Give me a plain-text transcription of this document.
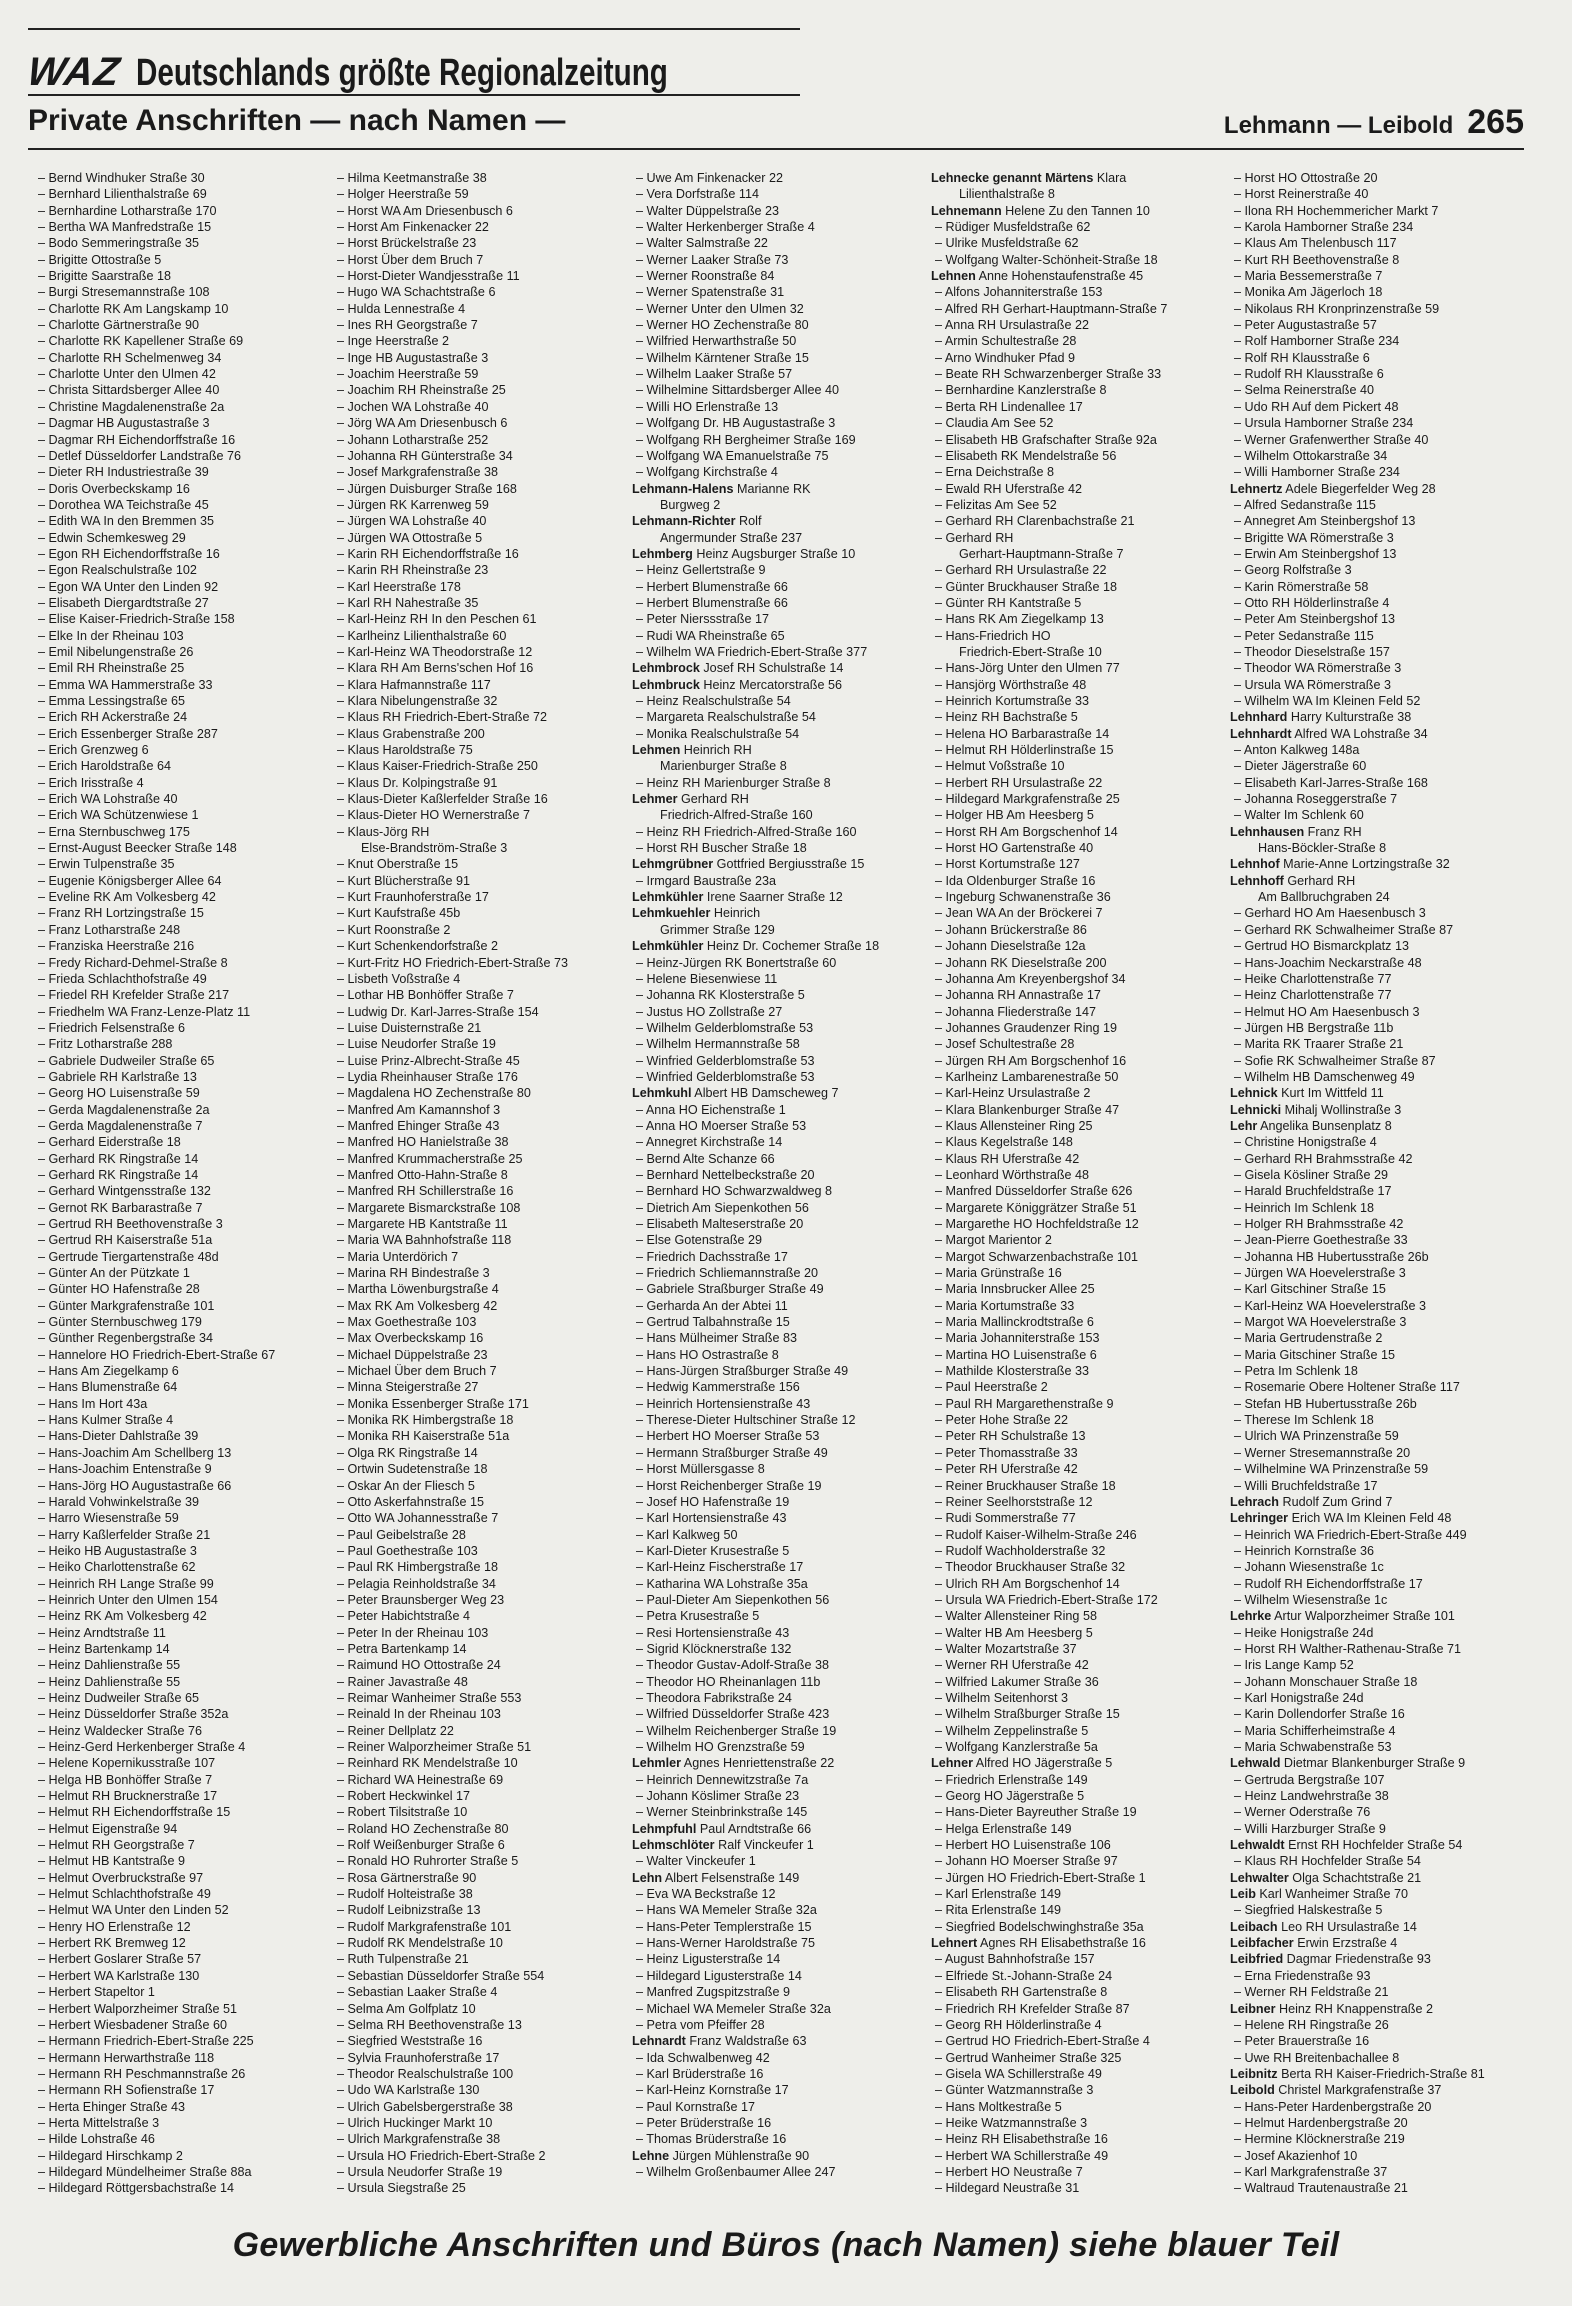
WAZ Deutschlands größte Regionalzeitung
Private Anschriften — nach Namen —	Lehmann — Leibold 265
– Bernd Windhuker Straße 30
– Bernhard Lilienthalstraße 69
– Bernhardine Lotharstraße 170
– Bertha WA Manfredstraße 15
– Bodo Semmeringstraße 35
– Brigitte Ottostraße 5
– Brigitte Saarstraße 18
– Burgi Stresemannstraße 108
– Charlotte RK Am Langskamp 10
– Charlotte Gärtnerstraße 90
– Charlotte RK Kapellener Straße 69
– Charlotte RH Schelmenweg 34
– Charlotte Unter den Ulmen 42
– Christa Sittardsberger Allee 40
– Christine Magdalenenstraße 2a
– Dagmar HB Augustastraße 3
– Dagmar RH Eichendorffstraße 16
– Detlef Düsseldorfer Landstraße 76
– Dieter RH Industriestraße 39
– Doris Overbeckskamp 16
– Dorothea WA Teichstraße 45
– Edith WA In den Bremmen 35
– Edwin Schemkesweg 29
– Egon RH Eichendorffstraße 16
– Egon Realschulstraße 102
– Egon WA Unter den Linden 92
– Elisabeth Diergardtstraße 27
– Elise Kaiser-Friedrich-Straße 158
– Elke In der Rheinau 103
– Emil Nibelungenstraße 26
– Emil RH Rheinstraße 25
– Emma WA Hammerstraße 33
– Emma Lessingstraße 65
– Erich RH Ackerstraße 24
– Erich Essenberger Straße 287
– Erich Grenzweg 6
– Erich Haroldstraße 64
– Erich Irisstraße 4
– Erich WA Lohstraße 40
– Erich WA Schützenwiese 1
– Erna Sternbuschweg 175
– Ernst-August Beecker Straße 148
– Erwin Tulpenstraße 35
– Eugenie Königsberger Allee 64
– Eveline RK Am Volkesberg 42
– Franz RH Lortzingstraße 15
– Franz Lotharstraße 248
– Franziska Heerstraße 216
– Fredy Richard-Dehmel-Straße 8
– Frieda Schlachthofstraße 49
– Friedel RH Krefelder Straße 217
– Friedhelm WA Franz-Lenze-Platz 11
– Friedrich Felsenstraße 6
– Fritz Lotharstraße 288
– Gabriele Dudweiler Straße 65
– Gabriele RH Karlstraße 13
– Georg HO Luisenstraße 59
– Gerda Magdalenenstraße 2a
– Gerda Magdalenenstraße 7
– Gerhard Eiderstraße 18
– Gerhard RK Ringstraße 14
– Gerhard RK Ringstraße 14
– Gerhard Wintgensstraße 132
– Gernot RK Barbarastraße 7
– Gertrud RH Beethovenstraße 3
– Gertrud RH Kaiserstraße 51a
– Gertrude Tiergartenstraße 48d
– Günter An der Pützkate 1
– Günter HO Hafenstraße 28
– Günter Markgrafenstraße 101
– Günter Sternbuschweg 179
– Günther Regenbergstraße 34
– Hannelore HO Friedrich-Ebert-Straße 67
– Hans Am Ziegelkamp 6
– Hans Blumenstraße 64
– Hans Im Hort 43a
– Hans Kulmer Straße 4
– Hans-Dieter Dahlstraße 39
– Hans-Joachim Am Schellberg 13
– Hans-Joachim Entenstraße 9
– Hans-Jörg HO Augustastraße 66
– Harald Vohwinkelstraße 39
– Harro Wiesenstraße 59
– Harry Kaßlerfelder Straße 21
– Heiko HB Augustastraße 3
– Heiko Charlottenstraße 62
– Heinrich RH Lange Straße 99
– Heinrich Unter den Ulmen 154
– Heinz RK Am Volkesberg 42
– Heinz Arndtstraße 11
– Heinz Bartenkamp 14
– Heinz Dahlienstraße 55
– Heinz Dahlienstraße 55
– Heinz Dudweiler Straße 65
– Heinz Düsseldorfer Straße 352a
– Heinz Waldecker Straße 76
– Heinz-Gerd Herkenberger Straße 4
– Helene Kopernikusstraße 107
– Helga HB Bonhöffer Straße 7
– Helmut RH Brucknerstraße 17
– Helmut RH Eichendorffstraße 15
– Helmut Eigenstraße 94
– Helmut RH Georgstraße 7
– Helmut HB Kantstraße 9
– Helmut Overbruckstraße 97
– Helmut Schlachthofstraße 49
– Helmut WA Unter den Linden 52
– Henry HO Erlenstraße 12
– Herbert RK Bremweg 12
– Herbert Goslarer Straße 57
– Herbert WA Karlstraße 130
– Herbert Stapeltor 1
– Herbert Walporzheimer Straße 51
– Herbert Wiesbadener Straße 60
– Hermann Friedrich-Ebert-Straße 225
– Hermann Herwarthstraße 118
– Hermann RH Peschmannstraße 26
– Hermann RH Sofienstraße 17
– Herta Ehinger Straße 43
– Herta Mittelstraße 3
– Hilde Lohstraße 46
– Hildegard Hirschkamp 2
– Hildegard Mündelheimer Straße 88a
– Hildegard Röttgersbachstraße 14
– Hilma Keetmanstraße 38
– Holger Heerstraße 59
– Horst WA Am Driesenbusch 6
– Horst Am Finkenacker 22
– Horst Brückelstraße 23
– Horst Über dem Bruch 7
– Horst-Dieter Wandjesstraße 11
– Hugo WA Schachtstraße 6
– Hulda Lennestraße 4
– Ines RH Georgstraße 7
– Inge Heerstraße 2
– Inge HB Augustastraße 3
– Joachim Heerstraße 59
– Joachim RH Rheinstraße 25
– Jochen WA Lohstraße 40
– Jörg WA Am Driesenbusch 6
– Johann Lotharstraße 252
– Johanna RH Günterstraße 34
– Josef Markgrafenstraße 38
– Jürgen Duisburger Straße 168
– Jürgen RK Karrenweg 59
– Jürgen WA Lohstraße 40
– Jürgen WA Ottostraße 5
– Karin RH Eichendorffstraße 16
– Karin RH Rheinstraße 23
– Karl Heerstraße 178
– Karl RH Nahestraße 35
– Karl-Heinz RH In den Peschen 61
– Karlheinz Lilienthalstraße 60
– Karl-Heinz WA Theodorstraße 12
– Klara RH Am Berns'schen Hof 16
– Klara Hafmannstraße 117
– Klara Nibelungenstraße 32
– Klaus RH Friedrich-Ebert-Straße 72
– Klaus Grabenstraße 200
– Klaus Haroldstraße 75
– Klaus Kaiser-Friedrich-Straße 250
– Klaus Dr. Kolpingstraße 91
– Klaus-Dieter Kaßlerfelder Straße 16
– Klaus-Dieter HO Wernerstraße 7
– Klaus-Jörg RH
Else-Brandström-Straße 3
– Knut Oberstraße 15
– Kurt Blücherstraße 91
– Kurt Fraunhoferstraße 17
– Kurt Kaufstraße 45b
– Kurt Roonstraße 2
– Kurt Schenkendorfstraße 2
– Kurt-Fritz HO Friedrich-Ebert-Straße 73
– Lisbeth Voßstraße 4
– Lothar HB Bonhöffer Straße 7
– Ludwig Dr. Karl-Jarres-Straße 154
– Luise Duisternstraße 21
– Luise Neudorfer Straße 19
– Luise Prinz-Albrecht-Straße 45
– Lydia Rheinhauser Straße 176
– Magdalena HO Zechenstraße 80
– Manfred Am Kamannshof 3
– Manfred Ehinger Straße 43
– Manfred HO Hanielstraße 38
– Manfred Krummacherstraße 25
– Manfred Otto-Hahn-Straße 8
– Manfred RH Schillerstraße 16
– Margarete Bismarckstraße 108
– Margarete HB Kantstraße 11
– Maria WA Bahnhofstraße 118
– Maria Unterdörich 7
– Marina RH Bindestraße 3
– Martha Löwenburgstraße 4
– Max RK Am Volkesberg 42
– Max Goethestraße 103
– Max Overbeckskamp 16
– Michael Düppelstraße 23
– Michael Über dem Bruch 7
– Minna Steigerstraße 27
– Monika Essenberger Straße 171
– Monika RK Himbergstraße 18
– Monika RH Kaiserstraße 51a
– Olga RK Ringstraße 14
– Ortwin Sudetenstraße 18
– Oskar An der Fliesch 5
– Otto Askerfahnstraße 15
– Otto WA Johannesstraße 7
– Paul Geibelstraße 28
– Paul Goethestraße 103
– Paul RK Himbergstraße 18
– Pelagia Reinholdstraße 34
– Peter Braunsberger Weg 23
– Peter Habichtstraße 4
– Peter In der Rheinau 103
– Petra Bartenkamp 14
– Raimund HO Ottostraße 24
– Rainer Javastraße 48
– Reimar Wanheimer Straße 553
– Reinald In der Rheinau 103
– Reiner Dellplatz 22
– Reiner Walporzheimer Straße 51
– Reinhard RK Mendelstraße 10
– Richard WA Heinestraße 69
– Robert Heckwinkel 17
– Robert Tilsitstraße 10
– Roland HO Zechenstraße 80
– Rolf Weißenburger Straße 6
– Ronald HO Ruhrorter Straße 5
– Rosa Gärtnerstraße 90
– Rudolf Holteistraße 38
– Rudolf Leibnizstraße 13
– Rudolf Markgrafenstraße 101
– Rudolf RK Mendelstraße 10
– Ruth Tulpenstraße 21
– Sebastian Düsseldorfer Straße 554
– Sebastian Laaker Straße 4
– Selma Am Golfplatz 10
– Selma RH Beethovenstraße 13
– Siegfried Weststraße 16
– Sylvia Fraunhoferstraße 17
– Theodor Realschulstraße 100
– Udo WA Karlstraße 130
– Ulrich Gabelsbergerstraße 38
– Ulrich Huckinger Markt 10
– Ulrich Markgrafenstraße 38
– Ursula HO Friedrich-Ebert-Straße 2
– Ursula Neudorfer Straße 19
– Ursula Siegstraße 25
– Uwe Am Finkenacker 22
– Vera Dorfstraße 114
– Walter Düppelstraße 23
– Walter Herkenberger Straße 4
– Walter Salmstraße 22
– Werner Laaker Straße 73
– Werner Roonstraße 84
– Werner Spatenstraße 31
– Werner Unter den Ulmen 32
– Werner HO Zechenstraße 80
– Wilfried Herwarthstraße 50
– Wilhelm Kärntener Straße 15
– Wilhelm Laaker Straße 57
– Wilhelmine Sittardsberger Allee 40
– Willi HO Erlenstraße 13
– Wolfgang Dr. HB Augustastraße 3
– Wolfgang RH Bergheimer Straße 169
– Wolfgang WA Emanuelstraße 75
– Wolfgang Kirchstraße 4
Lehmann-Halens Marianne RK
Burgweg 2
Lehmann-Richter Rolf
Angermunder Straße 237
Lehmberg Heinz Augsburger Straße 10
– Heinz Gellertstraße 9
– Herbert Blumenstraße 66
– Herbert Blumenstraße 66
– Peter Nierssstraße 17
– Rudi WA Rheinstraße 65
– Wilhelm WA Friedrich-Ebert-Straße 377
Lehmbrock Josef RH Schulstraße 14
Lehmbruck Heinz Mercatorstraße 56
– Heinz Realschulstraße 54
– Margareta Realschulstraße 54
– Monika Realschulstraße 54
Lehmen Heinrich RH
Marienburger Straße 8
– Heinz RH Marienburger Straße 8
Lehmer Gerhard RH
Friedrich-Alfred-Straße 160
– Heinz RH Friedrich-Alfred-Straße 160
– Horst RH Buscher Straße 18
Lehmgrübner Gottfried Bergiusstraße 15
– Irmgard Baustraße 23a
Lehmkühler Irene Saarner Straße 12
Lehmkuehler Heinrich
Grimmer Straße 129
Lehmkühler Heinz Dr. Cochemer Straße 18
– Heinz-Jürgen RK Bonertstraße 60
– Helene Biesenwiese 11
– Johanna RK Klosterstraße 5
– Justus HO Zollstraße 27
– Wilhelm Gelderblomstraße 53
– Wilhelm Hermannstraße 58
– Winfried Gelderblomstraße 53
– Winfried Gelderblomstraße 53
Lehmkuhl Albert HB Damscheweg 7
– Anna HO Eichenstraße 1
– Anna HO Moerser Straße 53
– Annegret Kirchstraße 14
– Bernd Alte Schanze 66
– Bernhard Nettelbeckstraße 20
– Bernhard HO Schwarzwaldweg 8
– Dietrich Am Siepenkothen 56
– Elisabeth Malteserstraße 20
– Else Gotenstraße 29
– Friedrich Dachsstraße 17
– Friedrich Schliemannstraße 20
– Gabriele Straßburger Straße 49
– Gerharda An der Abtei 11
– Gertrud Talbahnstraße 15
– Hans Mülheimer Straße 83
– Hans HO Ostrastraße 8
– Hans-Jürgen Straßburger Straße 49
– Hedwig Kammerstraße 156
– Heinrich Hortensienstraße 43
– Therese-Dieter Hultschiner Straße 12
– Herbert HO Moerser Straße 53
– Hermann Straßburger Straße 49
– Horst Müllersgasse 8
– Horst Reichenberger Straße 19
– Josef HO Hafenstraße 19
– Karl Hortensienstraße 43
– Karl Kalkweg 50
– Karl-Dieter Krusestraße 5
– Karl-Heinz Fischerstraße 17
– Katharina WA Lohstraße 35a
– Paul-Dieter Am Siepenkothen 56
– Petra Krusestraße 5
– Resi Hortensienstraße 43
– Sigrid Klöcknerstraße 132
– Theodor Gustav-Adolf-Straße 38
– Theodor HO Rheinanlagen 11b
– Theodora Fabrikstraße 24
– Wilfried Düsseldorfer Straße 423
– Wilhelm Reichenberger Straße 19
– Wilhelm HO Grenzstraße 59
Lehmler Agnes Henriettenstraße 22
– Heinrich Dennewitzstraße 7a
– Johann Köslimer Straße 23
– Werner Steinbrinkstraße 145
Lehmpfuhl Paul Arndtstraße 66
Lehmschlöter Ralf Vinckeufer 1
– Walter Vinckeufer 1
Lehn Albert Felsenstraße 149
– Eva WA Beckstraße 12
– Hans WA Memeler Straße 32a
– Hans-Peter Templerstraße 15
– Hans-Werner Haroldstraße 75
– Heinz Ligusterstraße 14
– Hildegard Ligusterstraße 14
– Manfred Zugspitzstraße 9
– Michael WA Memeler Straße 32a
– Petra vom Pfeiffer 28
Lehnardt Franz Waldstraße 63
– Ida Schwalbenweg 42
– Karl Brüderstraße 16
– Karl-Heinz Kornstraße 17
– Paul Kornstraße 17
– Peter Brüderstraße 16
– Thomas Brüderstraße 16
Lehne Jürgen Mühlenstraße 90
– Wilhelm Großenbaumer Allee 247
Lehnecke genannt Märtens Klara
Lilienthalstraße 8
Lehnemann Helene Zu den Tannen 10
– Rüdiger Musfeldstraße 62
– Ulrike Musfeldstraße 62
– Wolfgang Walter-Schönheit-Straße 18
Lehnen Anne Hohenstaufenstraße 45
– Alfons Johanniterstraße 153
– Alfred RH Gerhart-Hauptmann-Straße 7
– Anna RH Ursulastraße 22
– Armin Schultestraße 28
– Arno Windhuker Pfad 9
– Beate RH Schwarzenberger Straße 33
– Bernhardine Kanzlerstraße 8
– Berta RH Lindenallee 17
– Claudia Am See 52
– Elisabeth HB Grafschafter Straße 92a
– Elisabeth RK Mendelstraße 56
– Erna Deichstraße 8
– Ewald RH Uferstraße 42
– Felizitas Am See 52
– Gerhard RH Clarenbachstraße 21
– Gerhard RH
Gerhart-Hauptmann-Straße 7
– Gerhard RH Ursulastraße 22
– Günter Bruckhauser Straße 18
– Günter RH Kantstraße 5
– Hans RK Am Ziegelkamp 13
– Hans-Friedrich HO
Friedrich-Ebert-Straße 10
– Hans-Jörg Unter den Ulmen 77
– Hansjörg Wörthstraße 48
– Heinrich Kortumstraße 33
– Heinz RH Bachstraße 5
– Helena HO Barbarastraße 14
– Helmut RH Hölderlinstraße 15
– Helmut Voßstraße 10
– Herbert RH Ursulastraße 22
– Hildegard Markgrafenstraße 25
– Holger HB Am Heesberg 5
– Horst RH Am Borgschenhof 14
– Horst HO Gartenstraße 40
– Horst Kortumstraße 127
– Ida Oldenburger Straße 16
– Ingeburg Schwanenstraße 36
– Jean WA An der Bröckerei 7
– Johann Brückerstraße 86
– Johann Dieselstraße 12a
– Johann RK Dieselstraße 200
– Johanna Am Kreyenbergshof 34
– Johanna RH Annastraße 17
– Johanna Fliederstraße 147
– Johannes Graudenzer Ring 19
– Josef Schultestraße 28
– Jürgen RH Am Borgschenhof 16
– Karlheinz Lambarenestraße 50
– Karl-Heinz Ursulastraße 2
– Klara Blankenburger Straße 47
– Klaus Allensteiner Ring 25
– Klaus Kegelstraße 148
– Klaus RH Uferstraße 42
– Leonhard Wörthstraße 48
– Manfred Düsseldorfer Straße 626
– Margarete Königgrätzer Straße 51
– Margarethe HO Hochfeldstraße 12
– Margot Marientor 2
– Margot Schwarzenbachstraße 101
– Maria Grünstraße 16
– Maria Innsbrucker Allee 25
– Maria Kortumstraße 33
– Maria Mallinckrodtstraße 6
– Maria Johanniterstraße 153
– Martina HO Luisenstraße 6
– Mathilde Klosterstraße 33
– Paul Heerstraße 2
– Paul RH Margarethenstraße 9
– Peter Hohe Straße 22
– Peter RH Schulstraße 13
– Peter Thomasstraße 33
– Peter RH Uferstraße 42
– Reiner Bruckhauser Straße 18
– Reiner Seelhorststraße 12
– Rudi Sommerstraße 77
– Rudolf Kaiser-Wilhelm-Straße 246
– Rudolf Wachholderstraße 32
– Theodor Bruckhauser Straße 32
– Ulrich RH Am Borgschenhof 14
– Ursula WA Friedrich-Ebert-Straße 172
– Walter Allensteiner Ring 58
– Walter HB Am Heesberg 5
– Walter Mozartstraße 37
– Werner RH Uferstraße 42
– Wilfried Lakumer Straße 36
– Wilhelm Seitenhorst 3
– Wilhelm Straßburger Straße 15
– Wilhelm Zeppelinstraße 5
– Wolfgang Kanzlerstraße 5a
Lehner Alfred HO Jägerstraße 5
– Friedrich Erlenstraße 149
– Georg HO Jägerstraße 5
– Hans-Dieter Bayreuther Straße 19
– Helga Erlenstraße 149
– Herbert HO Luisenstraße 106
– Johann HO Moerser Straße 97
– Jürgen HO Friedrich-Ebert-Straße 1
– Karl Erlenstraße 149
– Rita Erlenstraße 149
– Siegfried Bodelschwinghstraße 35a
Lehnert Agnes RH Elisabethstraße 16
– August Bahnhofstraße 157
– Elfriede St.-Johann-Straße 24
– Elisabeth RH Gartenstraße 8
– Friedrich RH Krefelder Straße 87
– Georg RH Hölderlinstraße 4
– Gertrud HO Friedrich-Ebert-Straße 4
– Gertrud Wanheimer Straße 325
– Gisela WA Schillerstraße 49
– Günter Watzmannstraße 3
– Hans Moltkestraße 5
– Heike Watzmannstraße 3
– Heinz RH Elisabethstraße 16
– Herbert WA Schillerstraße 49
– Herbert HO Neustraße 7
– Hildegard Neustraße 31
– Horst HO Ottostraße 20
– Horst Reinerstraße 40
– Ilona RH Hochemmericher Markt 7
– Karola Hamborner Straße 234
– Klaus Am Thelenbusch 117
– Kurt RH Beethovenstraße 8
– Maria Bessemerstraße 7
– Monika Am Jägerloch 18
– Nikolaus RH Kronprinzenstraße 59
– Peter Augustastraße 57
– Rolf Hamborner Straße 234
– Rolf RH Klausstraße 6
– Rudolf RH Klausstraße 6
– Selma Reinerstraße 40
– Udo RH Auf dem Pickert 48
– Ursula Hamborner Straße 234
– Werner Grafenwerther Straße 40
– Wilhelm Ottokarstraße 34
– Willi Hamborner Straße 234
Lehnertz Adele Biegerfelder Weg 28
– Alfred Sedanstraße 115
– Annegret Am Steinbergshof 13
– Brigitte WA Römerstraße 3
– Erwin Am Steinbergshof 13
– Georg Rolfstraße 3
– Karin Römerstraße 58
– Otto RH Hölderlinstraße 4
– Peter Am Steinbergshof 13
– Peter Sedanstraße 115
– Theodor Dieselstraße 157
– Theodor WA Römerstraße 3
– Ursula WA Römerstraße 3
– Wilhelm WA Im Kleinen Feld 52
Lehnhard Harry Kulturstraße 38
Lehnhardt Alfred WA Lohstraße 34
– Anton Kalkweg 148a
– Dieter Jägerstraße 60
– Elisabeth Karl-Jarres-Straße 168
– Johanna Roseggerstraße 7
– Walter Im Schlenk 60
Lehnhausen Franz RH
Hans-Böckler-Straße 8
Lehnhof Marie-Anne Lortzingstraße 32
Lehnhoff Gerhard RH
Am Ballbruchgraben 24
– Gerhard HO Am Haesenbusch 3
– Gerhard RK Schwalheimer Straße 87
– Gertrud HO Bismarckplatz 13
– Hans-Joachim Neckarstraße 48
– Heike Charlottenstraße 77
– Heinz Charlottenstraße 77
– Helmut HO Am Haesenbusch 3
– Jürgen HB Bergstraße 11b
– Marita RK Traarer Straße 21
– Sofie RK Schwalheimer Straße 87
– Wilhelm HB Damschenweg 49
Lehnick Kurt Im Wittfeld 11
Lehnicki Mihalj Wollinstraße 3
Lehr Angelika Bunsenplatz 8
– Christine Honigstraße 4
– Gerhard RH Brahmsstraße 42
– Gisela Kösliner Straße 29
– Harald Bruchfeldstraße 17
– Heinrich Im Schlenk 18
– Holger RH Brahmsstraße 42
– Jean-Pierre Goethestraße 33
– Johanna HB Hubertusstraße 26b
– Jürgen WA Hoevelerstraße 3
– Karl Gitschiner Straße 15
– Karl-Heinz WA Hoevelerstraße 3
– Margot WA Hoevelerstraße 3
– Maria Gertrudenstraße 2
– Maria Gitschiner Straße 15
– Petra Im Schlenk 18
– Rosemarie Obere Holtener Straße 117
– Stefan HB Hubertusstraße 26b
– Therese Im Schlenk 18
– Ulrich WA Prinzenstraße 59
– Werner Stresemannstraße 20
– Wilhelmine WA Prinzenstraße 59
– Willi Bruchfeldstraße 17
Lehrach Rudolf Zum Grind 7
Lehringer Erich WA Im Kleinen Feld 48
– Heinrich WA Friedrich-Ebert-Straße 449
– Heinrich Kornstraße 36
– Johann Wiesenstraße 1c
– Rudolf RH Eichendorffstraße 17
– Wilhelm Wiesenstraße 1c
Lehrke Artur Walporzheimer Straße 101
– Heike Honigstraße 24d
– Horst RH Walther-Rathenau-Straße 71
– Iris Lange Kamp 52
– Johann Monschauer Straße 18
– Karl Honigstraße 24d
– Karin Dollendorfer Straße 16
– Maria Schifferheimstraße 4
– Maria Schwabenstraße 53
Lehwald Dietmar Blankenburger Straße 9
– Gertruda Bergstraße 107
– Heinz Landwehrstraße 38
– Werner Oderstraße 76
– Willi Harzburger Straße 9
Lehwaldt Ernst RH Hochfelder Straße 54
– Klaus RH Hochfelder Straße 54
Lehwalter Olga Schachtstraße 21
Leib Karl Wanheimer Straße 70
– Siegfried Halskestraße 5
Leibach Leo RH Ursulastraße 14
Leibfacher Erwin Erzstraße 4
Leibfried Dagmar Friedenstraße 93
– Erna Friedenstraße 93
– Werner RH Feldstraße 21
Leibner Heinz RH Knappenstraße 2
– Helene RH Ringstraße 26
– Peter Brauerstraße 16
– Uwe RH Breitenbachallee 8
Leibnitz Berta RH Kaiser-Friedrich-Straße 81
Leibold Christel Markgrafenstraße 37
– Hans-Peter Hardenbergstraße 20
– Helmut Hardenbergstraße 20
– Hermine Klöcknerstraße 219
– Josef Akazienhof 10
– Karl Markgrafenstraße 37
– Waltraud Trautenaustraße 21
Gewerbliche Anschriften und Büros (nach Namen) siehe blauer Teil
